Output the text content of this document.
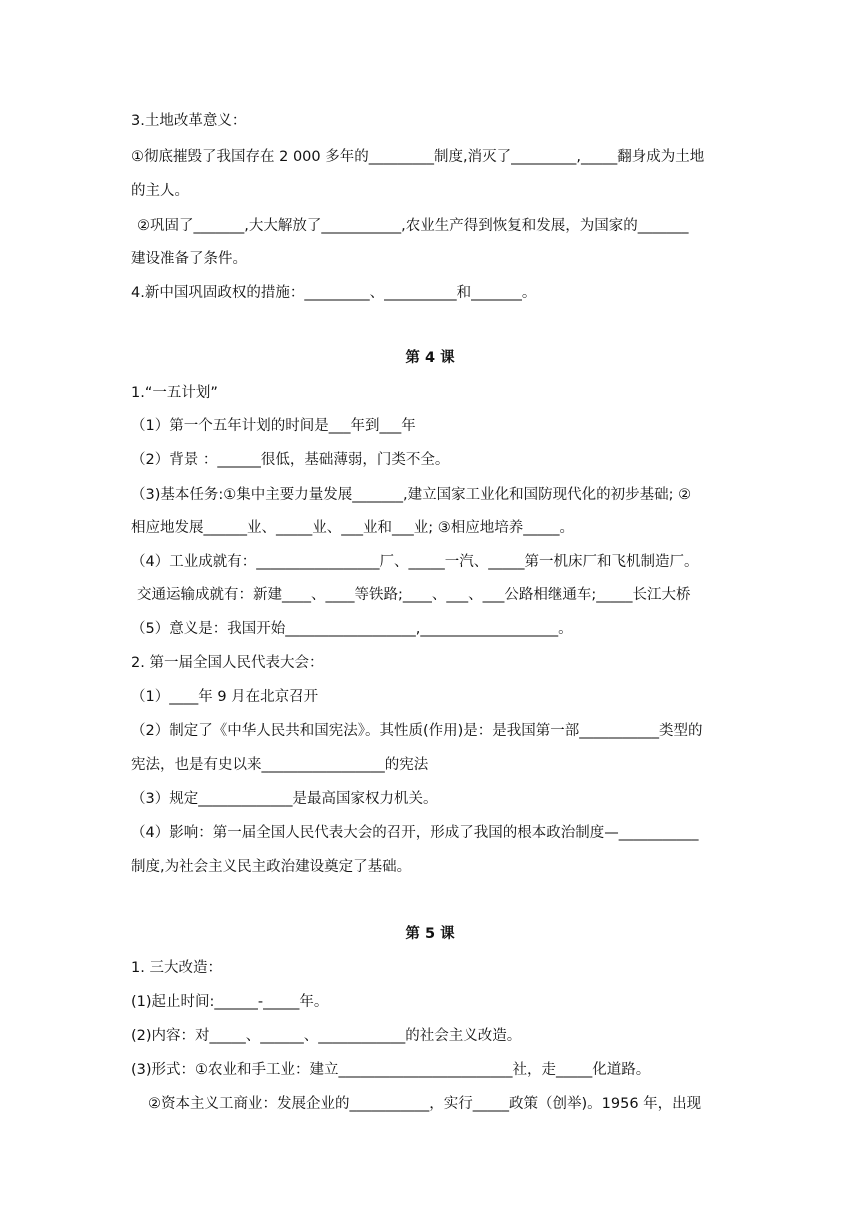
3.土地改革意义：
①彻底摧毁了我国存在 2 000 多年的_________制度,消灭了_________,_____翻身成为土地
的主人。
②巩固了_______,大大解放了___________,农业生产得到恢复和发展，为国家的_______
建设准备了条件。
4.新中国巩固政权的措施：_________、__________和_______。
第 4 课
1.“一五计划”
（1）第一个五年计划的时间是___年到___年
（2）背景 ：______很低，基础薄弱，门类不全。
（3)基本任务:①集中主要力量发展_______,建立国家工业化和国防现代化的初步基础; ②
相应地发展______业、_____业、___业和___业; ③相应地培养_____。
（4）工业成就有：_________________厂、_____一汽、_____第一机床厂和飞机制造厂。
交通运输成就有：新建____、____等铁路;____、___、___公路相继通车;_____长江大桥
（5）意义是：我国开始__________________,___________________。
2. 第一届全国人民代表大会：
（1）____年 9 月在北京召开
（2）制定了《中华人民共和国宪法》。其性质(作用)是：是我国第一部___________类型的
宪法，也是有史以来_________________的宪法
（3）规定_____________是最高国家权力机关。
（4）影响：第一届全国人民代表大会的召开，形成了我国的根本政治制度—___________
制度,为社会主义民主政治建设奠定了基础。
第 5 课
1. 三大改造：
(1)起止时间:______-_____年。
(2)内容：对_____、______、____________的社会主义改造。
(3)形式：①农业和手工业：建立________________________社，走_____化道路。
②资本主义工商业：发展企业的___________，实行_____政策（创举)。1956 年，出现
